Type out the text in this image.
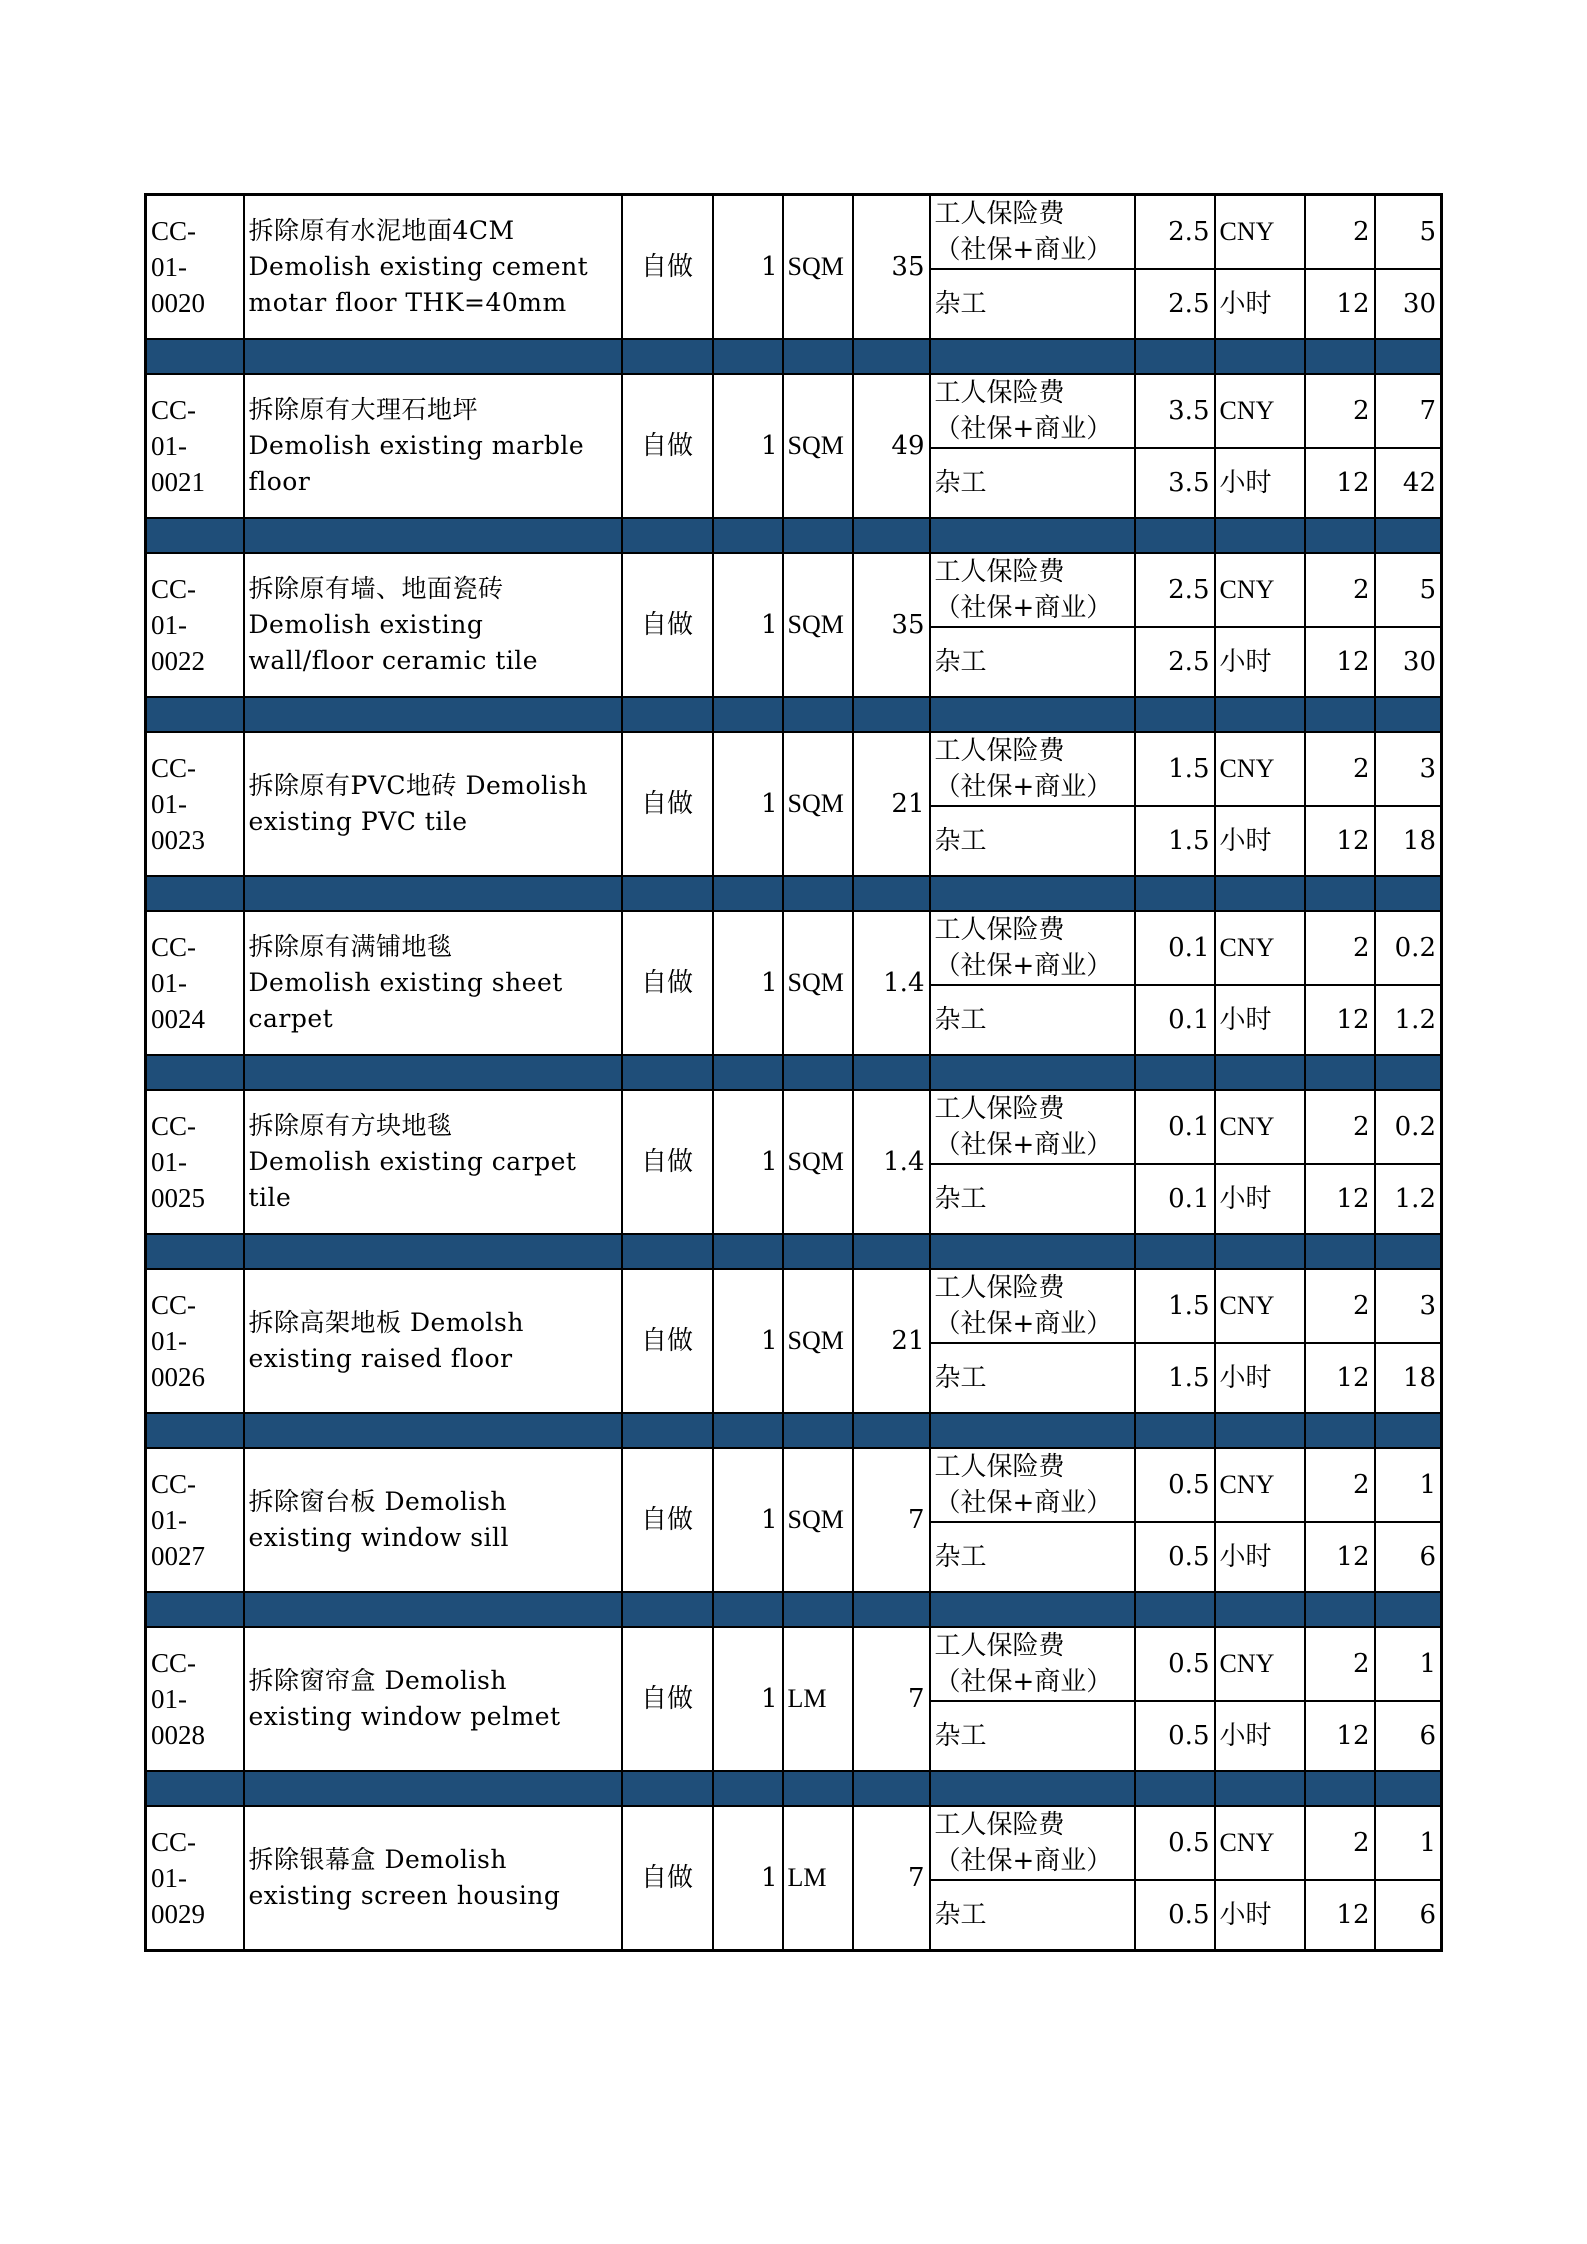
CC-
01-
0020	拆除原有水泥地面4CM
Demolish existing cement
motar floor THK=40mm	自做	1	SQM	35	工人保险费
（社保+商业）	2.5	CNY	2	5

						杂工	2.5	小时	12	30

CC-
01-
0021	拆除原有大理石地坪
Demolish existing marble
floor	自做	1	SQM	49	工人保险费
（社保+商业）	3.5	CNY	2	7

						杂工	3.5	小时	12	42

CC-
01-
0022	拆除原有墙、地面瓷砖
Demolish existing
wall/floor ceramic tile	自做	1	SQM	35	工人保险费
（社保+商业）	2.5	CNY	2	5

						杂工	2.5	小时	12	30

CC-
01-
0023	拆除原有PVC地砖 Demolish
existing PVC tile	自做	1	SQM	21	工人保险费
（社保+商业）	1.5	CNY	2	3

						杂工	1.5	小时	12	18

CC-
01-
0024	拆除原有满铺地毯
Demolish existing sheet
carpet	自做	1	SQM	1.4	工人保险费
（社保+商业）	0.1	CNY	2	0.2

						杂工	0.1	小时	12	1.2

CC-
01-
0025	拆除原有方块地毯
Demolish existing carpet
tile	自做	1	SQM	1.4	工人保险费
（社保+商业）	0.1	CNY	2	0.2

						杂工	0.1	小时	12	1.2

CC-
01-
0026	拆除高架地板 Demolsh
existing raised floor	自做	1	SQM	21	工人保险费
（社保+商业）	1.5	CNY	2	3

						杂工	1.5	小时	12	18

CC-
01-
0027	拆除窗台板 Demolish
existing window sill	自做	1	SQM	7	工人保险费
（社保+商业）	0.5	CNY	2	1

						杂工	0.5	小时	12	6

CC-
01-
0028	拆除窗帘盒 Demolish
existing window pelmet	自做	1	LM	7	工人保险费
（社保+商业）	0.5	CNY	2	1

						杂工	0.5	小时	12	6

CC-
01-
0029	拆除银幕盒 Demolish
existing screen housing	自做	1	LM	7	工人保险费
（社保+商业）	0.5	CNY	2	1

						杂工	0.5	小时	12	6
